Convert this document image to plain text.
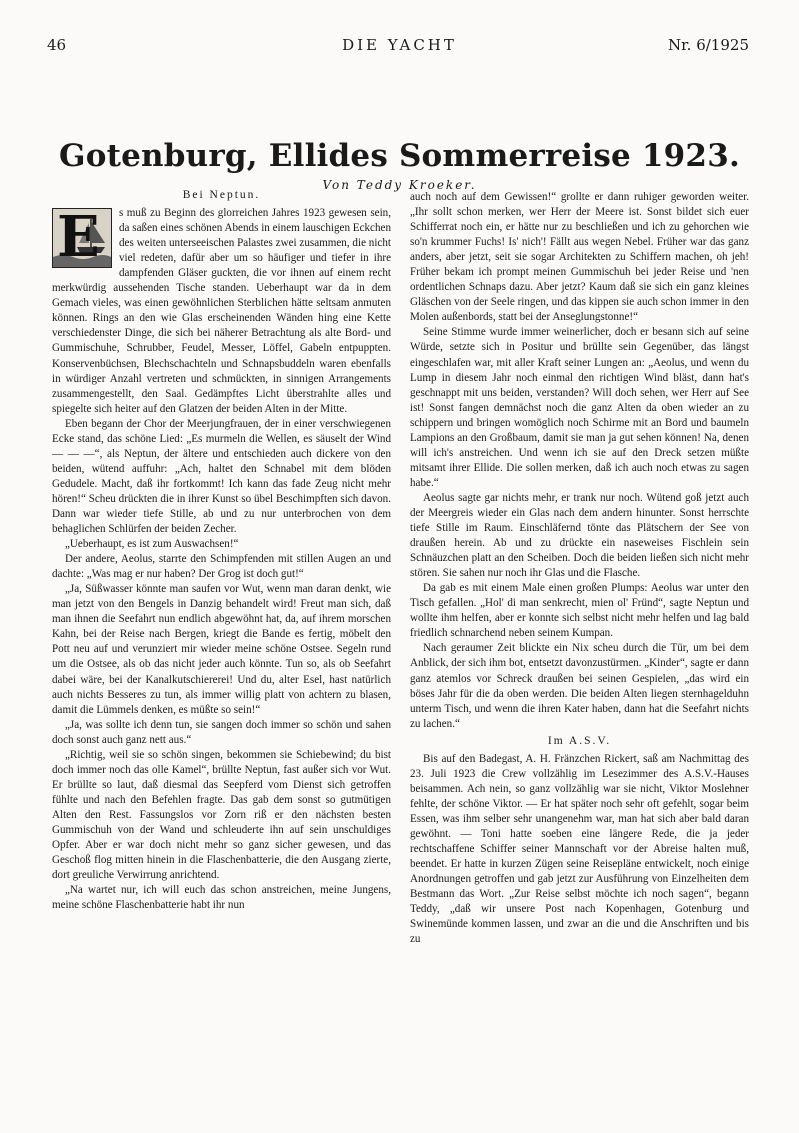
46	DIE YACHT	Nr. 6/1925
Gotenburg, Ellides Sommerreise 1923.
Von Teddy Kroeker.
Bei Neptun.
E	s muß zu Beginn des glorreichen Jahres 1923 gewesen sein, da saßen eines schönen Abends in einem lauschigen Eckchen des weiten unterseeischen Palastes zwei zusammen, die nicht viel redeten, dafür aber um so häufiger und tiefer in ihre dampfenden Gläser guckten, die vor ihnen auf einem recht merkwürdig aussehenden Tische standen. Ueberhaupt war da in dem Gemach vieles, was einen gewöhnlichen Sterblichen hätte seltsam anmuten können. Rings an den wie Glas erscheinenden Wänden hing eine Kette verschiedenster Dinge, die sich bei näherer Betrachtung als alte Bord- und Gummischuhe, Schrubber, Feudel, Messer, Löffel, Gabeln entpuppten. Konservenbüchsen, Blechschachteln und Schnapsbuddeln waren ebenfalls in würdiger Anzahl vertreten und schmückten, in sinnigen Arrangements zusammengestellt, den Saal. Gedämpftes Licht überstrahlte alles und spiegelte sich heiter auf den Glatzen der beiden Alten in der Mitte.

Eben begann der Chor der Meerjungfrauen, der in einer verschwiegenen Ecke stand, das schöne Lied: „Es murmeln die Wellen, es säuselt der Wind — — —“, als Neptun, der ältere und entschieden auch dickere von den beiden, wütend auffuhr: „Ach, haltet den Schnabel mit dem blöden Gedudele. Macht, daß ihr fortkommt! Ich kann das fade Zeug nicht mehr hören!“ Scheu drückten die in ihrer Kunst so übel Beschimpften sich davon. Dann war wieder tiefe Stille, ab und zu nur unterbrochen von dem behaglichen Schlürfen der beiden Zecher.

„Ueberhaupt, es ist zum Auswachsen!“

Der andere, Aeolus, starrte den Schimpfenden mit stillen Augen an und dachte: „Was mag er nur haben? Der Grog ist doch gut!“

„Ja, Süßwasser könnte man saufen vor Wut, wenn man daran denkt, wie man jetzt von den Bengels in Danzig behandelt wird! Freut man sich, daß man ihnen die Seefahrt nun endlich abgewöhnt hat, da, auf ihrem morschen Kahn, bei der Reise nach Bergen, kriegt die Bande es fertig, möbelt den Pott neu auf und verunziert mir wieder meine schöne Ostsee. Segeln rund um die Ostsee, als ob das nicht jeder auch könnte. Tun so, als ob Seefahrt dabei wäre, bei der Kanalkutschiererei! Und du, alter Esel, hast natürlich auch nichts Besseres zu tun, als immer willig platt von achtern zu blasen, damit die Lümmels denken, es müßte so sein!“

„Ja, was sollte ich denn tun, sie sangen doch immer so schön und sahen doch sonst auch ganz nett aus.“

„Richtig, weil sie so schön singen, bekommen sie Schiebewind; du bist doch immer noch das olle Kamel“, brüllte Neptun, fast außer sich vor Wut. Er brüllte so laut, daß diesmal das Seepferd vom Dienst sich getroffen fühlte und nach den Befehlen fragte. Das gab dem sonst so gutmütigen Alten den Rest. Fassungslos vor Zorn riß er den nächsten besten Gummischuh von der Wand und schleuderte ihn auf sein unschuldiges Opfer. Aber er war doch nicht mehr so ganz sicher gewesen, und das Geschoß flog mitten hinein in die Flaschenbatterie, die den Ausgang zierte, dort greuliche Verwirrung anrichtend.

„Na wartet nur, ich will euch das schon anstreichen, meine Jungens, meine schöne Flaschenbatterie habt ihr nun

auch noch auf dem Gewissen!“ grollte er dann ruhiger geworden weiter. „Ihr sollt schon merken, wer Herr der Meere ist. Sonst bildet sich euer Schifferrat noch ein, er hätte nur zu beschließen und ich zu gehorchen wie so'n krummer Fuchs! Is' nich'! Fällt aus wegen Nebel. Früher war das ganz anders, aber jetzt, seit sie sogar Architekten zu Schiffern machen, oh jeh! Früher bekam ich prompt meinen Gummischuh bei jeder Reise und 'nen ordentlichen Schnaps dazu. Aber jetzt? Kaum daß sie sich ein ganz kleines Gläschen von der Seele ringen, und das kippen sie auch schon immer in den Molen außenbords, statt bei der Anseglungstonne!“

Seine Stimme wurde immer weinerlicher, doch er besann sich auf seine Würde, setzte sich in Positur und brüllte sein Gegenüber, das längst eingeschlafen war, mit aller Kraft seiner Lungen an: „Aeolus, und wenn du Lump in diesem Jahr noch einmal den richtigen Wind bläst, dann hat's geschnappt mit uns beiden, verstanden? Will doch sehen, wer Herr auf See ist! Sonst fangen demnächst noch die ganz Alten da oben wieder an zu schippern und bringen womöglich noch Schirme mit an Bord und baumeln Lampions an den Großbaum, damit sie man ja gut sehen können! Na, denen will ich's anstreichen. Und wenn ich sie auf den Dreck setzen müßte mitsamt ihrer Ellide. Die sollen merken, daß ich auch noch etwas zu sagen habe.“

Aeolus sagte gar nichts mehr, er trank nur noch. Wütend goß jetzt auch der Meergreis wieder ein Glas nach dem andern hinunter. Sonst herrschte tiefe Stille im Raum. Einschläfernd tönte das Plätschern der See von draußen herein. Ab und zu drückte ein naseweises Fischlein sein Schnäuzchen platt an den Scheiben. Doch die beiden ließen sich nicht mehr stören. Sie sahen nur noch ihr Glas und die Flasche.

Da gab es mit einem Male einen großen Plumps: Aeolus war unter den Tisch gefallen. „Hol' di man senkrecht, mien ol' Fründ“, sagte Neptun und wollte ihm helfen, aber er konnte sich selbst nicht mehr helfen und lag bald friedlich schnarchend neben seinem Kumpan.

Nach geraumer Zeit blickte ein Nix scheu durch die Tür, um bei dem Anblick, der sich ihm bot, entsetzt davonzustürmen. „Kinder“, sagte er dann ganz atemlos vor Schreck draußen bei seinen Gespielen, „das wird ein böses Jahr für die da oben werden. Die beiden Alten liegen sternhagelduhn unterm Tisch, und wenn die ihren Kater haben, dann hat die Seefahrt nichts zu lachen.“

Im A.S.V.

Bis auf den Badegast, A. H. Fränzchen Rickert, saß am Nachmittag des 23. Juli 1923 die Crew vollzählig im Lesezimmer des A.S.V.-Hauses beisammen. Ach nein, so ganz vollzählig war sie nicht, Viktor Moslehner fehlte, der schöne Viktor. — Er hat später noch sehr oft gefehlt, sogar beim Essen, was ihm selber sehr unangenehm war, man hat sich aber bald daran gewöhnt. — Toni hatte soeben eine längere Rede, die ja jeder rechtschaffene Schiffer seiner Mannschaft vor der Abreise halten muß, beendet. Er hatte in kurzen Zügen seine Reisepläne entwickelt, noch einige Anordnungen getroffen und gab jetzt zur Ausführung von Einzelheiten dem Bestmann das Wort. „Zur Reise selbst möchte ich noch sagen“, begann Teddy, „daß wir unsere Post nach Kopenhagen, Gotenburg und Swinemünde kommen lassen, und zwar an die und die Anschriften und bis zu
